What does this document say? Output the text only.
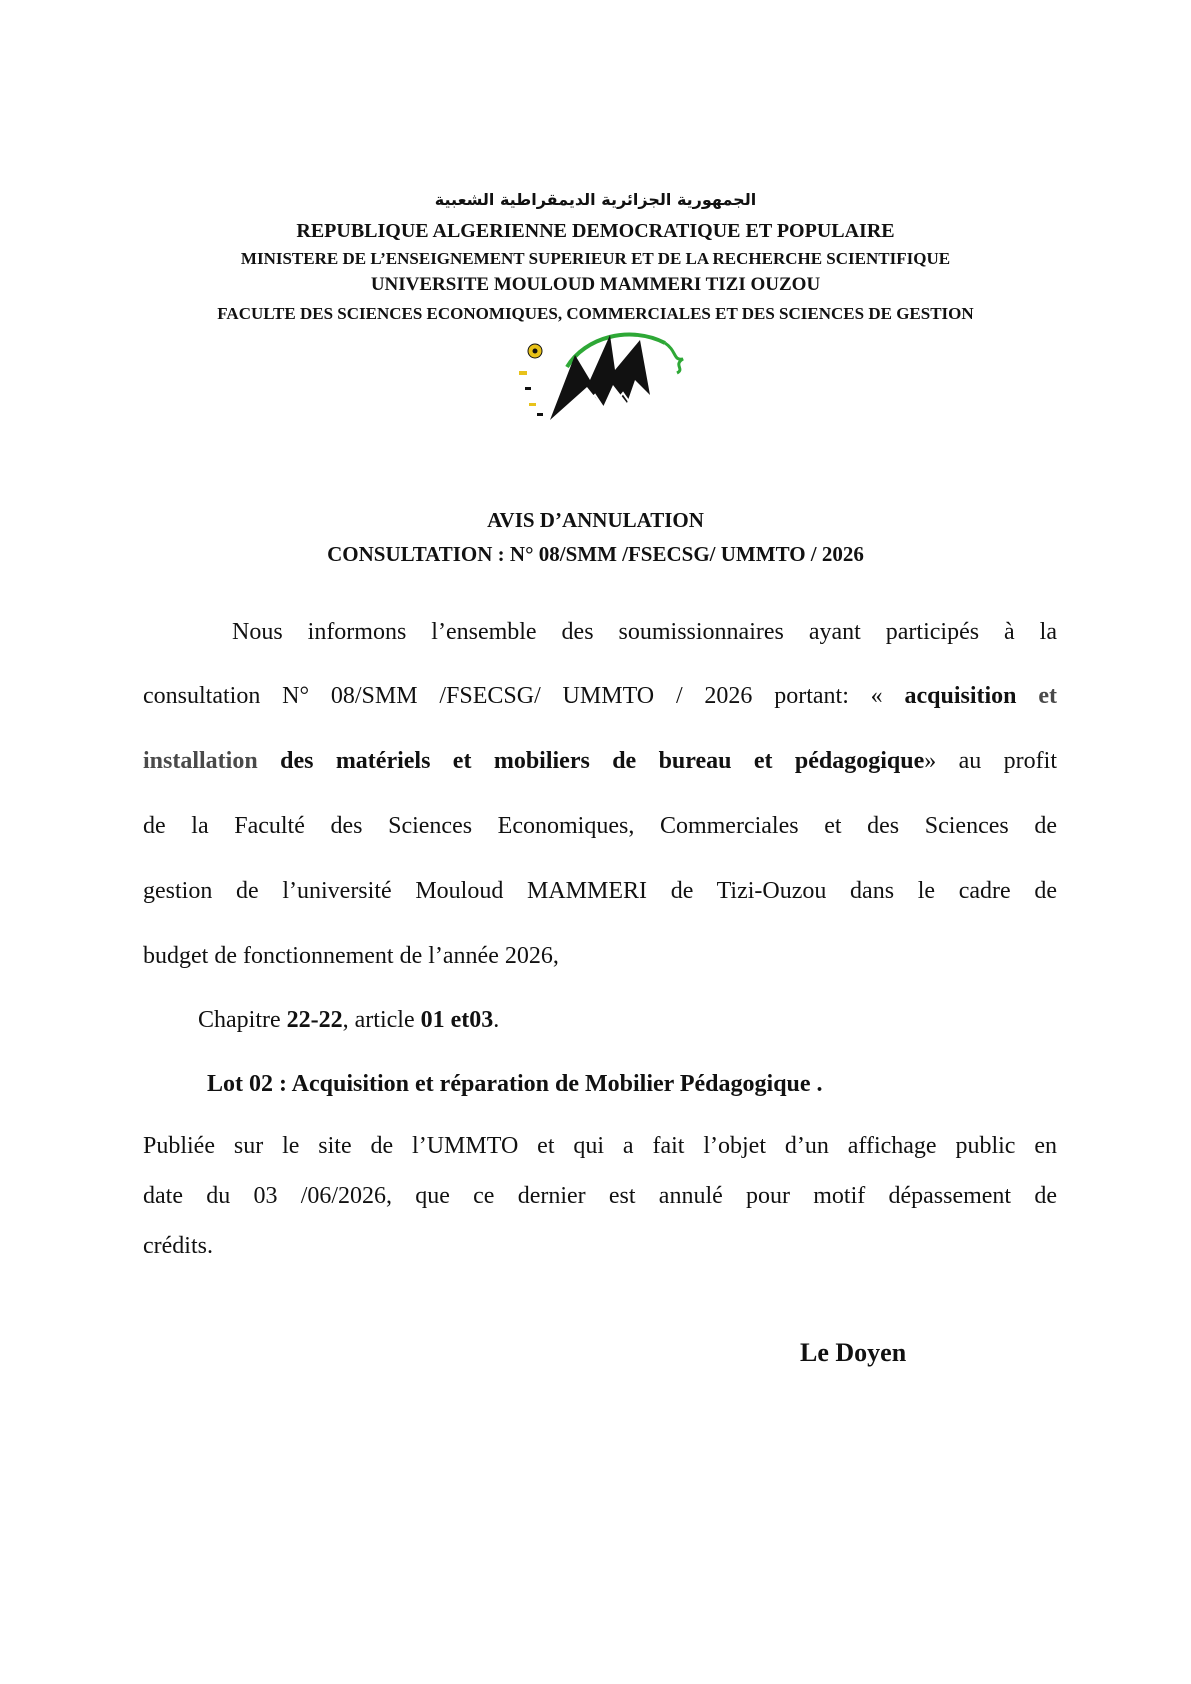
الجمهورية الجزائرية الديمقراطية الشعبية
REPUBLIQUE ALGERIENNE DEMOCRATIQUE ET POPULAIRE
MINISTERE DE L’ENSEIGNEMENT SUPERIEUR ET DE LA RECHERCHE SCIENTIFIQUE
UNIVERSITE MOULOUD MAMMERI TIZI OUZOU
FACULTE DES SCIENCES ECONOMIQUES, COMMERCIALES ET DES SCIENCES DE GESTION
AVIS D’ANNULATION
CONSULTATION : N° 08/SMM /FSECSG/ UMMTO / 2026
Nous informons l’ensemble des soumissionnaires ayant participés à la
consultation N° 08/SMM /FSECSG/ UMMTO / 2026 portant: « acquisition et
installation des matériels et mobiliers de bureau et pédagogique» au profit
de la Faculté des Sciences Economiques, Commerciales et des Sciences de
gestion de l’université Mouloud MAMMERI de Tizi-Ouzou dans le cadre de
budget de fonctionnement de l’année 2026,
Chapitre 22-22, article 01 et03.
Lot 02 : Acquisition et réparation de Mobilier Pédagogique .
Publiée sur le site de l’UMMTO et qui a fait l’objet d’un affichage public en
date du 03 /06/2026, que ce dernier est annulé pour motif dépassement de
crédits.
Le Doyen
